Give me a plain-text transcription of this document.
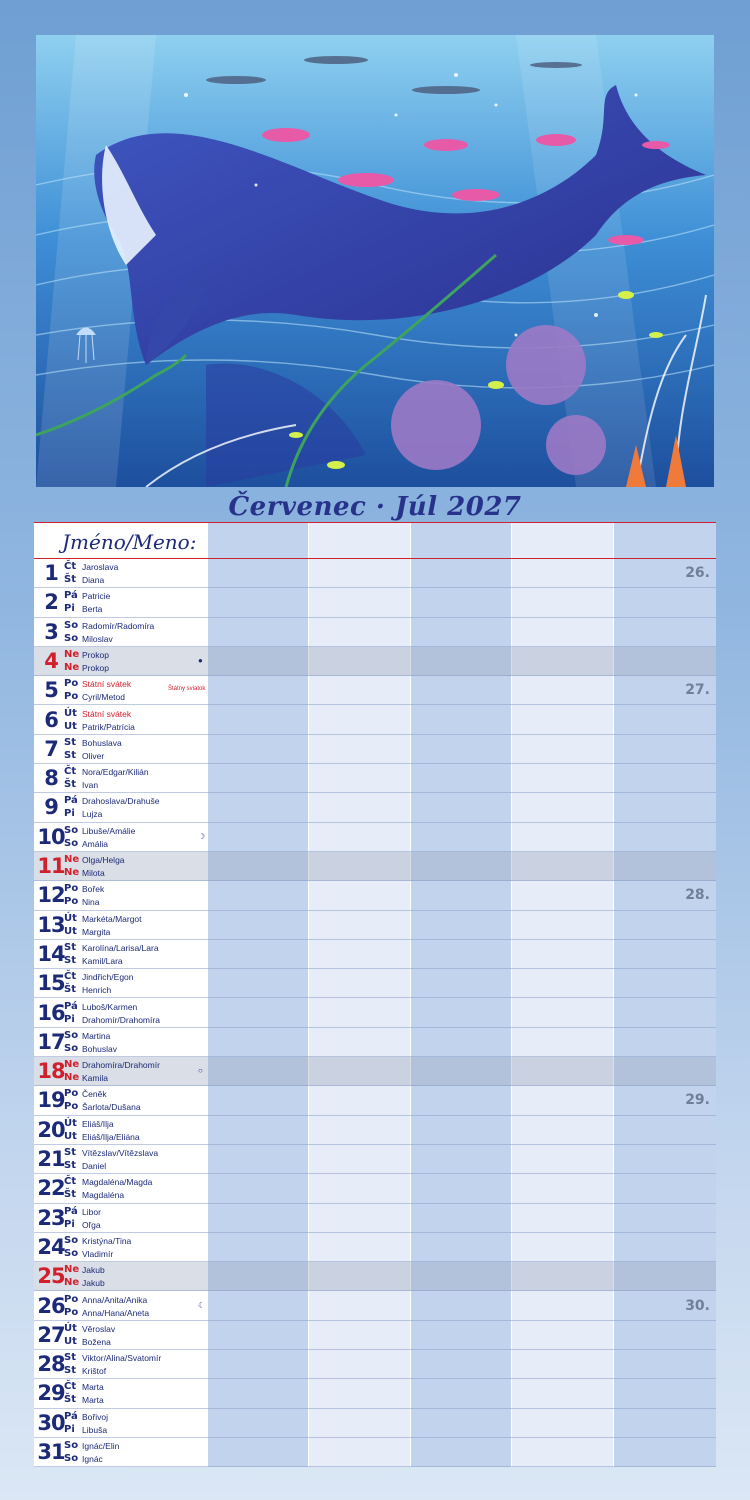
Červenec · Júl 2027
Jméno/Meno:
1 Čt
Št
Jaroslava
Diana
2 Pá
Pi
Patricie
Berta
3 So
So
Radomír/Radomíra
Miloslav
4 Ne
Ne
Prokop
Prokop
●
5 Po
Po
Státní svátek
Cyril/Metod
Štátny sviatok
6 Út
Ut
Státní svátek
Patrik/Patrícia
7 St
St
Bohuslava
Oliver
8 Čt
Št
Nora/Edgar/Kilián
Ivan
9 Pá
Pi
Drahoslava/Drahuše
Lujza
10 So
So
Libuše/Amálie
Amália
☽
11 Ne
Ne
Olga/Helga
Milota
12 Po
Po
Bořek
Nina
13 Út
Ut
Markéta/Margot
Margita
14 St
St
Karolína/Larisa/Lara
Kamil/Lara
15 Čt
Št
Jindřich/Egon
Henrich
16 Pá
Pi
Luboš/Karmen
Drahomír/Drahomíra
17 So
So
Martina
Bohuslav
18 Ne
Ne
Drahomíra/Drahomír
Kamila
○
19 Po
Po
Čeněk
Šarlota/Dušana
20 Út
Ut
Eliáš/Ilja
Eliáš/Ilja/Eliána
21 St
St
Vítězslav/Vítězslava
Daniel
22 Čt
Št
Magdaléna/Magda
Magdaléna
23 Pá
Pi
Libor
Oľga
24 So
So
Kristýna/Tina
Vladimír
25 Ne
Ne
Jakub
Jakub
26 Po
Po
Anna/Anita/Anika
Anna/Hana/Aneta
☾
27 Út
Ut
Věroslav
Božena
28 St
St
Viktor/Alina/Svatomír
Krištof
29 Čt
Št
Marta
Marta
30 Pá
Pi
Bořivoj
Libuša
31 So
So
Ignác/Elin
Ignác
26.
27.
28.
29.
30.
